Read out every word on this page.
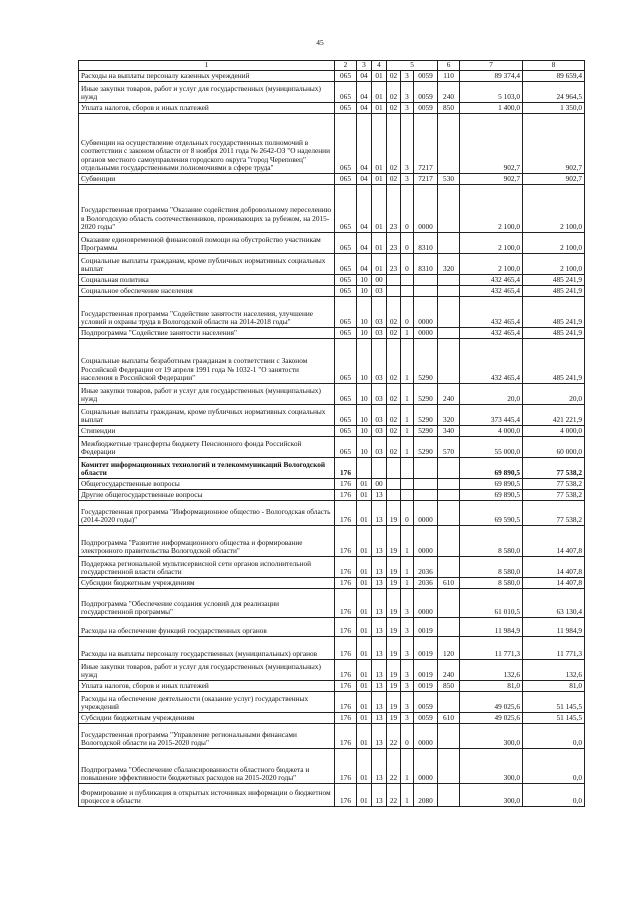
45
1	2	3	4	5			6	7	8
Расходы на выплаты персоналу казенных учреждений	065	04	01	02	3	0059	110	89 374,4	89 659,4
Иные закупки товаров, работ и услуг для государственных (муниципальных) нужд	065	04	01	02	3	0059	240	5 103,0	24 964,5
Уплата налогов, сборов и иных платежей	065	04	01	02	3	0059	850	1 400,0	1 350,0
Субвенции на осуществление отдельных государственных полномочий в соответствии с законом области от 8 ноября 2011 года № 2642-ОЗ "О наделении органов местного самоуправления городского округа "город Череповец" отдельными государственными полномочиями в сфере труда"	065	04	01	02	3	7217		902,7	902,7
Субвенции	065	04	01	02	3	7217	530	902,7	902,7
Государственная программа "Оказание содействия добровольному переселению в Вологодскую область соотечественников, проживающих за рубежом, на 2015-2020 годы"	065	04	01	23	0	0000		2 100,0	2 100,0
Оказание единовременной финансовой помощи на обустройство участникам Программы	065	04	01	23	0	8310		2 100,0	2 100,0
Социальные выплаты гражданам, кроме публичных нормативных социальных выплат	065	04	01	23	0	8310	320	2 100,0	2 100,0
Социальная политика	065	10	00					432 465,4	485 241,9
Социальное обеспечение населения	065	10	03					432 465,4	485 241,9
Государственная программа "Содействие занятости населения, улучшение условий и охраны труда в Вологодской области на 2014-2018 годы"	065	10	03	02	0	0000		432 465,4	485 241,9
Подпрограмма "Содействие занятости населения"	065	10	03	02	1	0000		432 465,4	485 241,9
Социальные выплаты безработным гражданам в соответствии с Законом Российской Федерации от 19 апреля 1991 года № 1032-1 "О занятости населения в Российской Федерации"	065	10	03	02	1	5290		432 465,4	485 241,9
Иные закупки товаров, работ и услуг для государственных (муниципальных) нужд	065	10	03	02	1	5290	240	20,0	20,0
Социальные выплаты гражданам, кроме публичных нормативных социальных выплат	065	10	03	02	1	5290	320	373 445,4	421 221,9
Стипендии	065	10	03	02	1	5290	340	4 000,0	4 000,0
Межбюджетные трансферты бюджету Пенсионного фонда Российской Федерации	065	10	03	02	1	5290	570	55 000,0	60 000,0
Комитет информационных технологий и телекоммуникаций Вологодской области	176							69 890,5	77 538,2
Общегосударственные вопросы	176	01	00					69 890,5	77 538,2
Другие общегосударственные вопросы	176	01	13					69 890,5	77 538,2
Государственная программа "Информационное общество - Вологодская область (2014-2020 годы)"	176	01	13	19	0	0000		69 590,5	77 538,2
Подпрограмма "Развитие информационного общества и формирование электронного правительства Вологодской области"	176	01	13	19	1	0000		8 580,0	14 407,8
Поддержка региональной мультисервисной сети органов исполнительной государственной власти области	176	01	13	19	1	2036		8 580,0	14 407,8
Субсидии бюджетным учреждениям	176	01	13	19	1	2036	610	8 580,0	14 407,8
Подпрограмма "Обеспечение создания условий для реализации государственной программы"	176	01	13	19	3	0000		61 010,5	63 130,4
Расходы на обеспечение функций государственных органов	176	01	13	19	3	0019		11 984,9	11 984,9
Расходы на выплаты персоналу государственных (муниципальных) органов	176	01	13	19	3	0019	120	11 771,3	11 771,3
Иные закупки товаров, работ и услуг для государственных (муниципальных) нужд	176	01	13	19	3	0019	240	132,6	132,6
Уплата налогов, сборов и иных платежей	176	01	13	19	3	0019	850	81,0	81,0
Расходы на обеспечение деятельности (оказание услуг) государственных учреждений	176	01	13	19	3	0059		49 025,6	51 145,5
Субсидии бюджетным учреждениям	176	01	13	19	3	0059	610	49 025,6	51 145,5
Государственная программа "Управление региональными финансами Вологодской области на 2015-2020 годы"	176	01	13	22	0	0000		300,0	0,0
Подпрограмма "Обеспечение сбалансированности областного бюджета и повышение эффективности бюджетных расходов на 2015-2020 годы"	176	01	13	22	1	0000		300,0	0,0
Формирование и публикация в открытых источниках информации о бюджетном процессе в области	176	01	13	22	1	2080		300,0	0,0
